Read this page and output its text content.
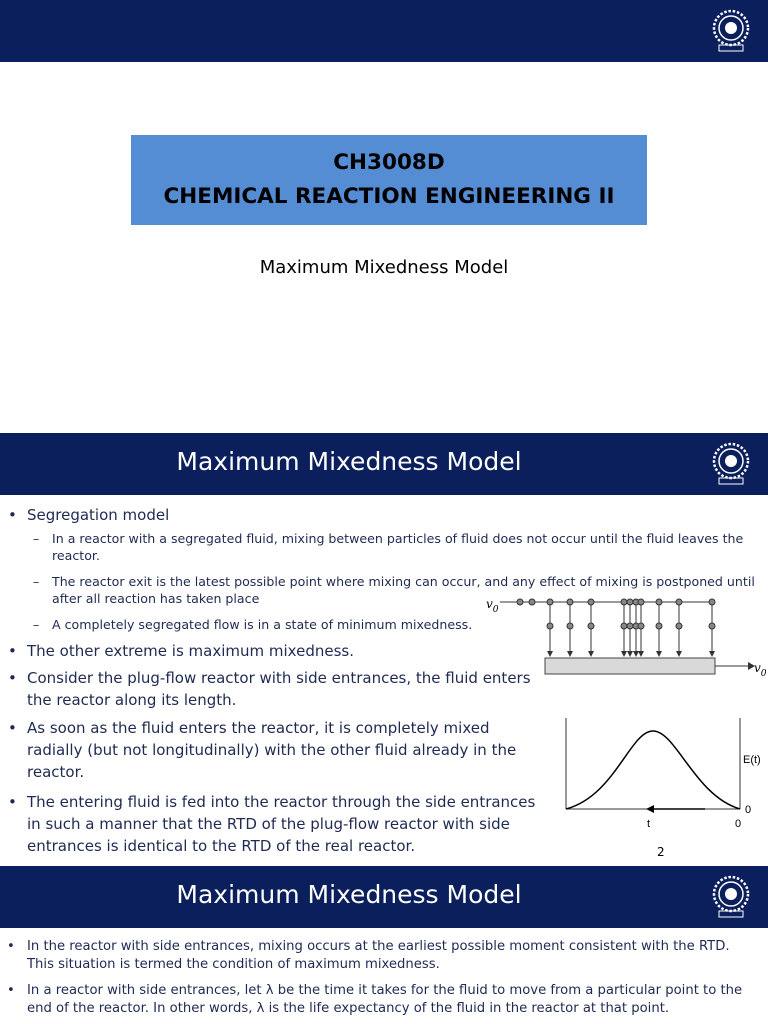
CH3008D
CHEMICAL REACTION ENGINEERING II
Maximum Mixedness Model
Maximum Mixedness Model
• Segregation model
– In a reactor with a segregated fluid, mixing between particles of fluid does not occur until the fluid leaves the reactor.
– The reactor exit is the latest possible point where mixing can occur, and any effect of mixing is postponed until after all reaction has taken place
– A completely segregated flow is in a state of minimum mixedness.
• The other extreme is maximum mixedness.
• Consider the plug-flow reactor with side entrances, the fluid enters the reactor along its length.
• As soon as the fluid enters the reactor, it is completely mixed radially (but not longitudinally) with the other fluid already in the reactor.
• The entering fluid is fed into the reactor through the side entrances in such a manner that the RTD of the plug-flow reactor with side entrances is identical to the RTD of the real reactor.
$v_0$
$v_0$
E(t)
0
0
t
2
Maximum Mixedness Model
• In the reactor with side entrances, mixing occurs at the earliest possible moment consistent with the RTD. This situation is termed the condition of maximum mixedness.
• In a reactor with side entrances, let λ be the time it takes for the fluid to move from a particular point to the end of the reactor. In other words, λ is the life expectancy of the fluid in the reactor at that point.
